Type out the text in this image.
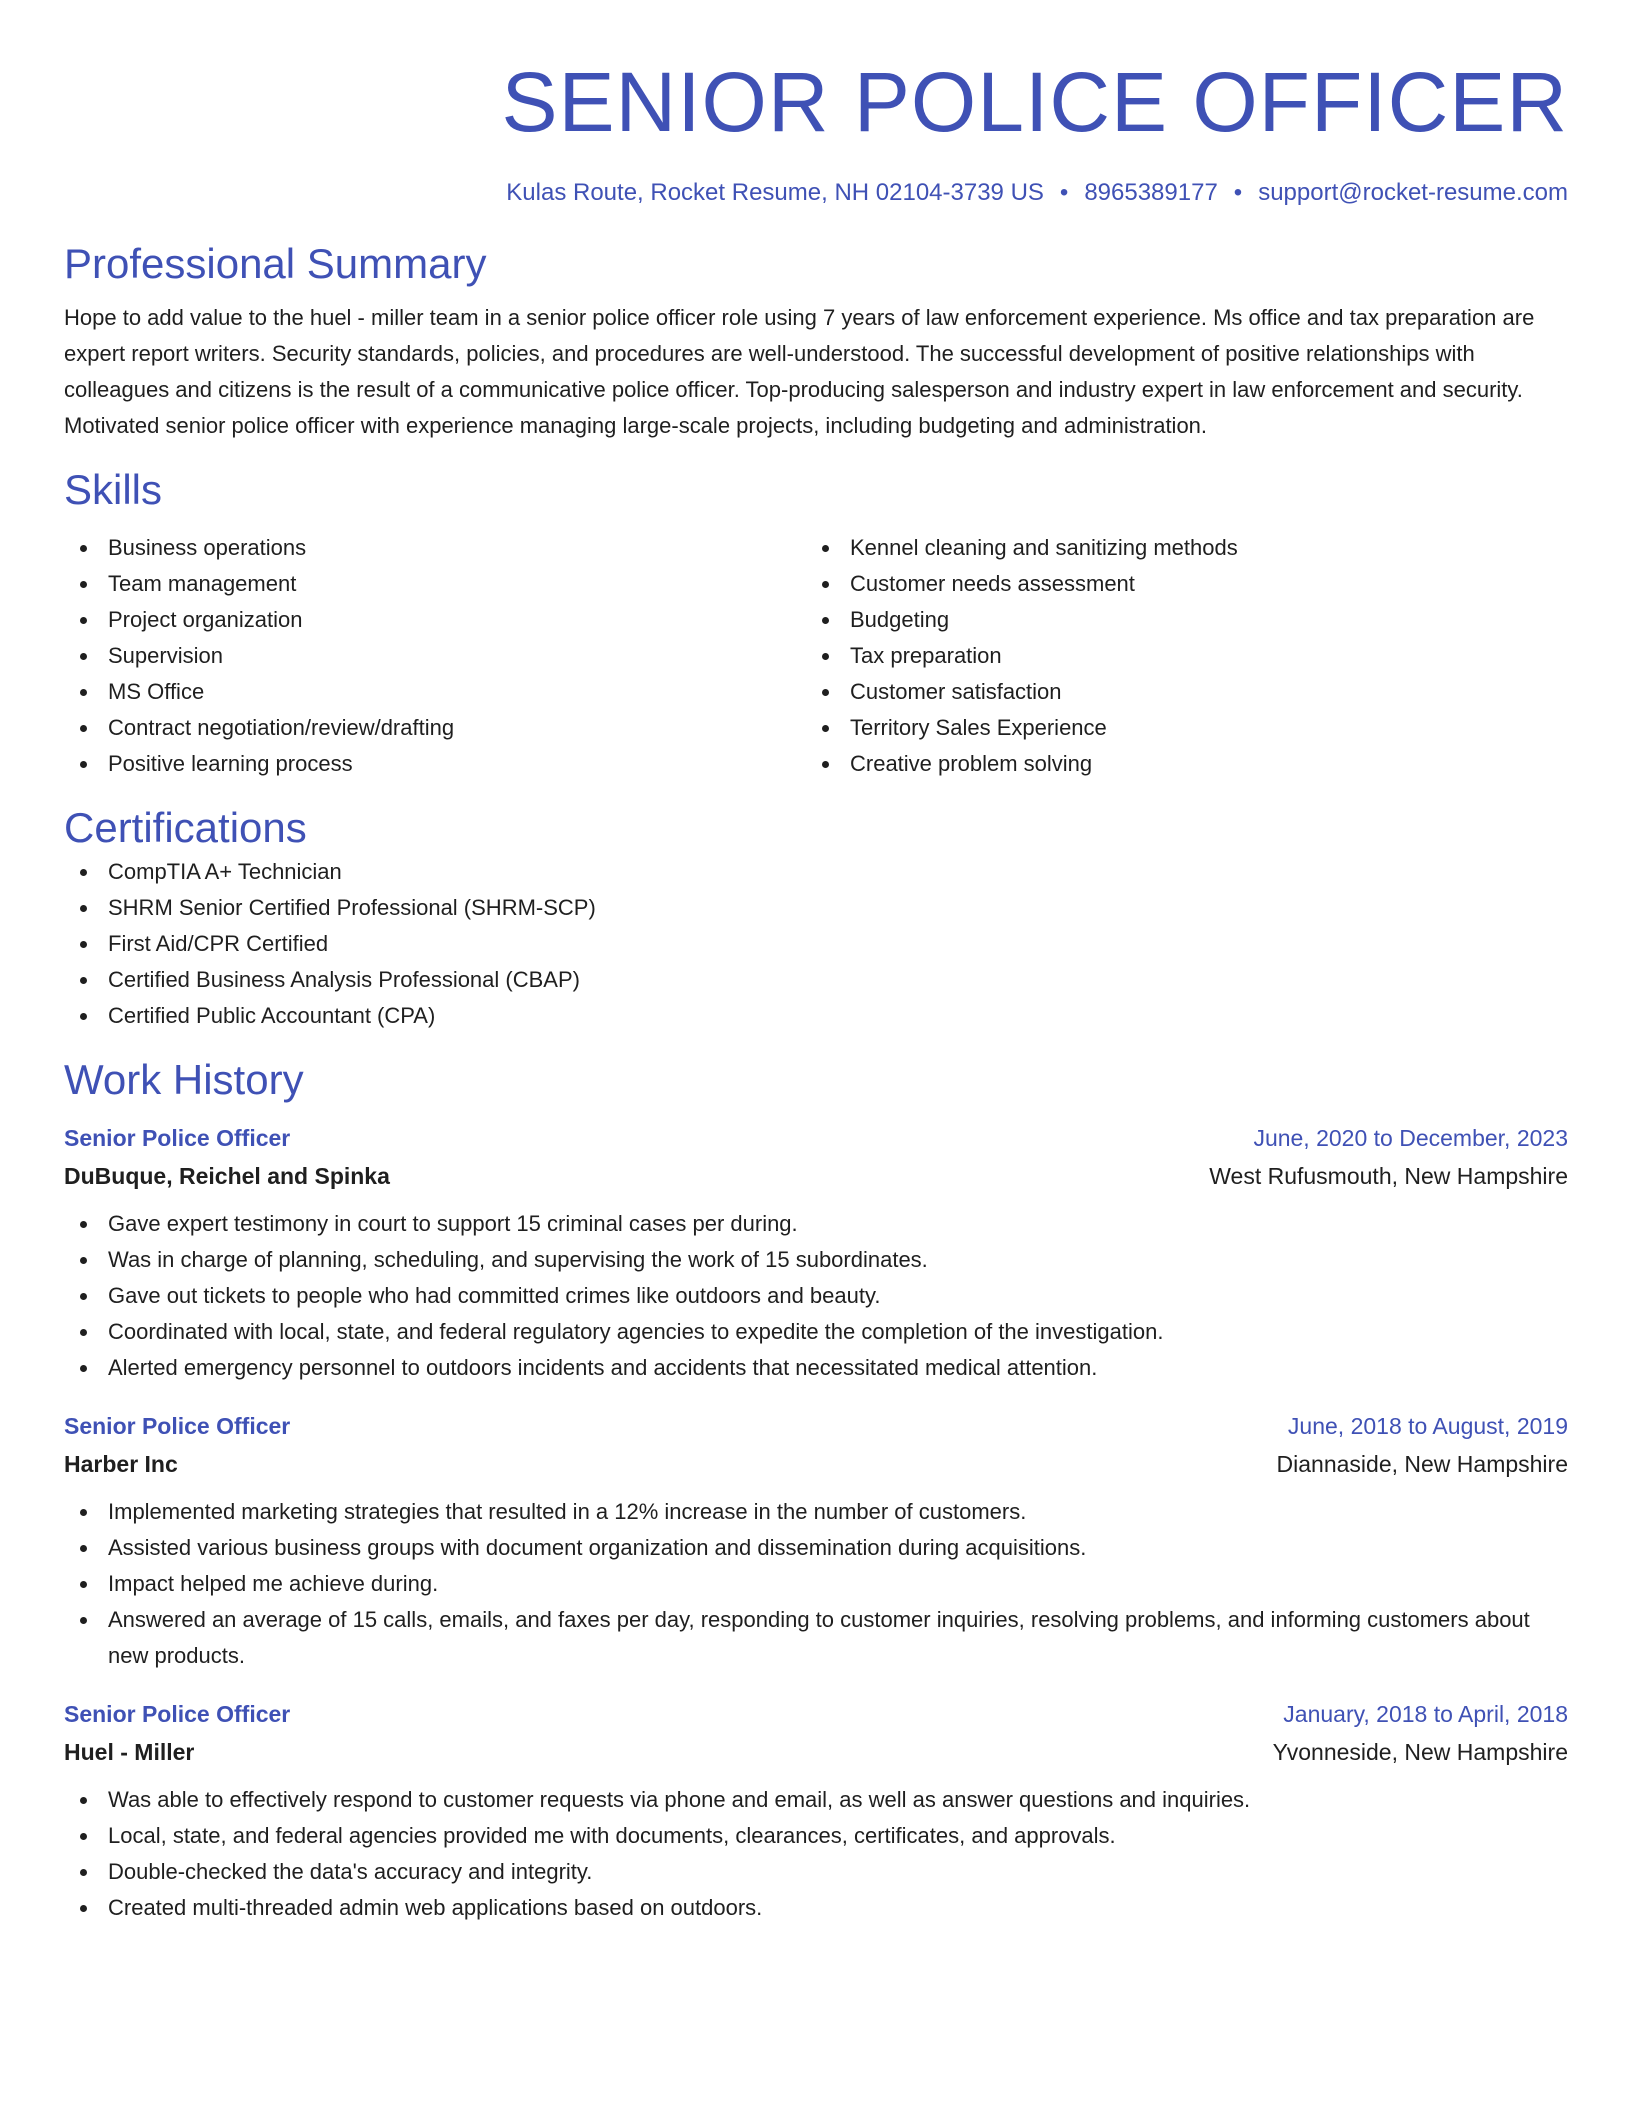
SENIOR POLICE OFFICER
Kulas Route, Rocket Resume, NH 02104-3739 US • 8965389177 • support@rocket-resume.com
Professional Summary

Hope to add value to the huel - miller team in a senior police officer role using 7 years of law enforcement experience. Ms office and tax preparation are expert report writers. Security standards, policies, and procedures are well-understood. The successful development of positive relationships with colleagues and citizens is the result of a communicative police officer. Top-producing salesperson and industry expert in law enforcement and security. Motivated senior police officer with experience managing large-scale projects, including budgeting and administration.

Skills
Business operations
Team management
Project organization
Supervision
MS Office
Contract negotiation/review/drafting
Positive learning process
Kennel cleaning and sanitizing methods
Customer needs assessment
Budgeting
Tax preparation
Customer satisfaction
Territory Sales Experience
Creative problem solving
Certifications
CompTIA A+ Technician
SHRM Senior Certified Professional (SHRM-SCP)
First Aid/CPR Certified
Certified Business Analysis Professional (CBAP)
Certified Public Accountant (CPA)
Work History
Senior Police Officer	June, 2020 to December, 2023
DuBuque, Reichel and Spinka	West Rufusmouth, New Hampshire
Gave expert testimony in court to support 15 criminal cases per during.
Was in charge of planning, scheduling, and supervising the work of 15 subordinates.
Gave out tickets to people who had committed crimes like outdoors and beauty.
Coordinated with local, state, and federal regulatory agencies to expedite the completion of the investigation.
Alerted emergency personnel to outdoors incidents and accidents that necessitated medical attention.
Senior Police Officer	June, 2018 to August, 2019
Harber Inc	Diannaside, New Hampshire
Implemented marketing strategies that resulted in a 12% increase in the number of customers.
Assisted various business groups with document organization and dissemination during acquisitions.
Impact helped me achieve during.
Answered an average of 15 calls, emails, and faxes per day, responding to customer inquiries, resolving problems, and informing customers about new products.
Senior Police Officer	January, 2018 to April, 2018
Huel - Miller	Yvonneside, New Hampshire
Was able to effectively respond to customer requests via phone and email, as well as answer questions and inquiries.
Local, state, and federal agencies provided me with documents, clearances, certificates, and approvals.
Double-checked the data's accuracy and integrity.
Created multi-threaded admin web applications based on outdoors.
